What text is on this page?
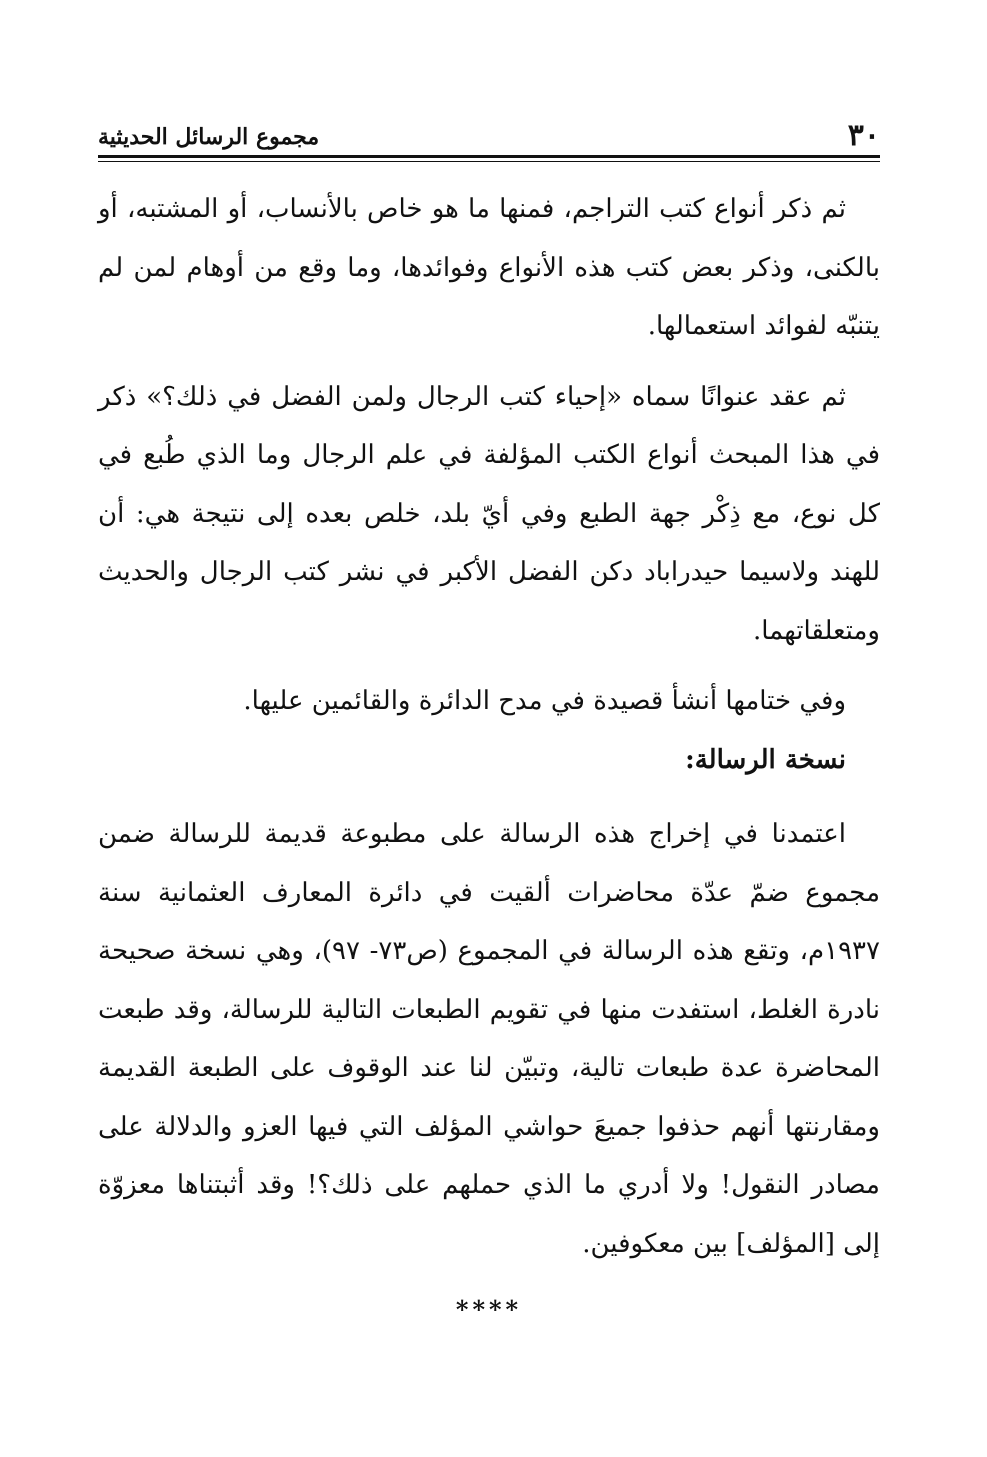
٣٠
مجموع الرسائل الحديثية

ثم ذكر أنواع كتب التراجم، فمنها ما هو خاص بالأنساب، أو المشتبه، أو بالكنى، وذكر بعض كتب هذه الأنواع وفوائدها، وما وقع من أوهام لمن لم يتنبّه لفوائد استعمالها.

ثم عقد عنوانًا سماه «إحياء كتب الرجال ولمن الفضل في ذلك؟» ذكر في هذا المبحث أنواع الكتب المؤلفة في علم الرجال وما الذي طُبع في كل نوع، مع ذِكْر جهة الطبع وفي أيّ بلد، خلص بعده إلى نتيجة هي: أن للهند ولاسيما حيدراباد دكن الفضل الأكبر في نشر كتب الرجال والحديث ومتعلقاتهما.

وفي ختامها أنشأ قصيدة في مدح الدائرة والقائمين عليها.

نسخة الرسالة:

اعتمدنا في إخراج هذه الرسالة على مطبوعة قديمة للرسالة ضمن مجموع ضمّ عدّة محاضرات ألقيت في دائرة المعارف العثمانية سنة ١٩٣٧م، وتقع هذه الرسالة في المجموع (ص٧٣- ٩٧)، وهي نسخة صحيحة نادرة الغلط، استفدت منها في تقويم الطبعات التالية للرسالة، وقد طبعت المحاضرة عدة طبعات تالية، وتبيّن لنا عند الوقوف على الطبعة القديمة ومقارنتها أنهم حذفوا جميعَ حواشي المؤلف التي فيها العزو والدلالة على مصادر النقول! ولا أدري ما الذي حملهم على ذلك؟! وقد أثبتناها معزوّة إلى [المؤلف] بين معكوفين.

****
